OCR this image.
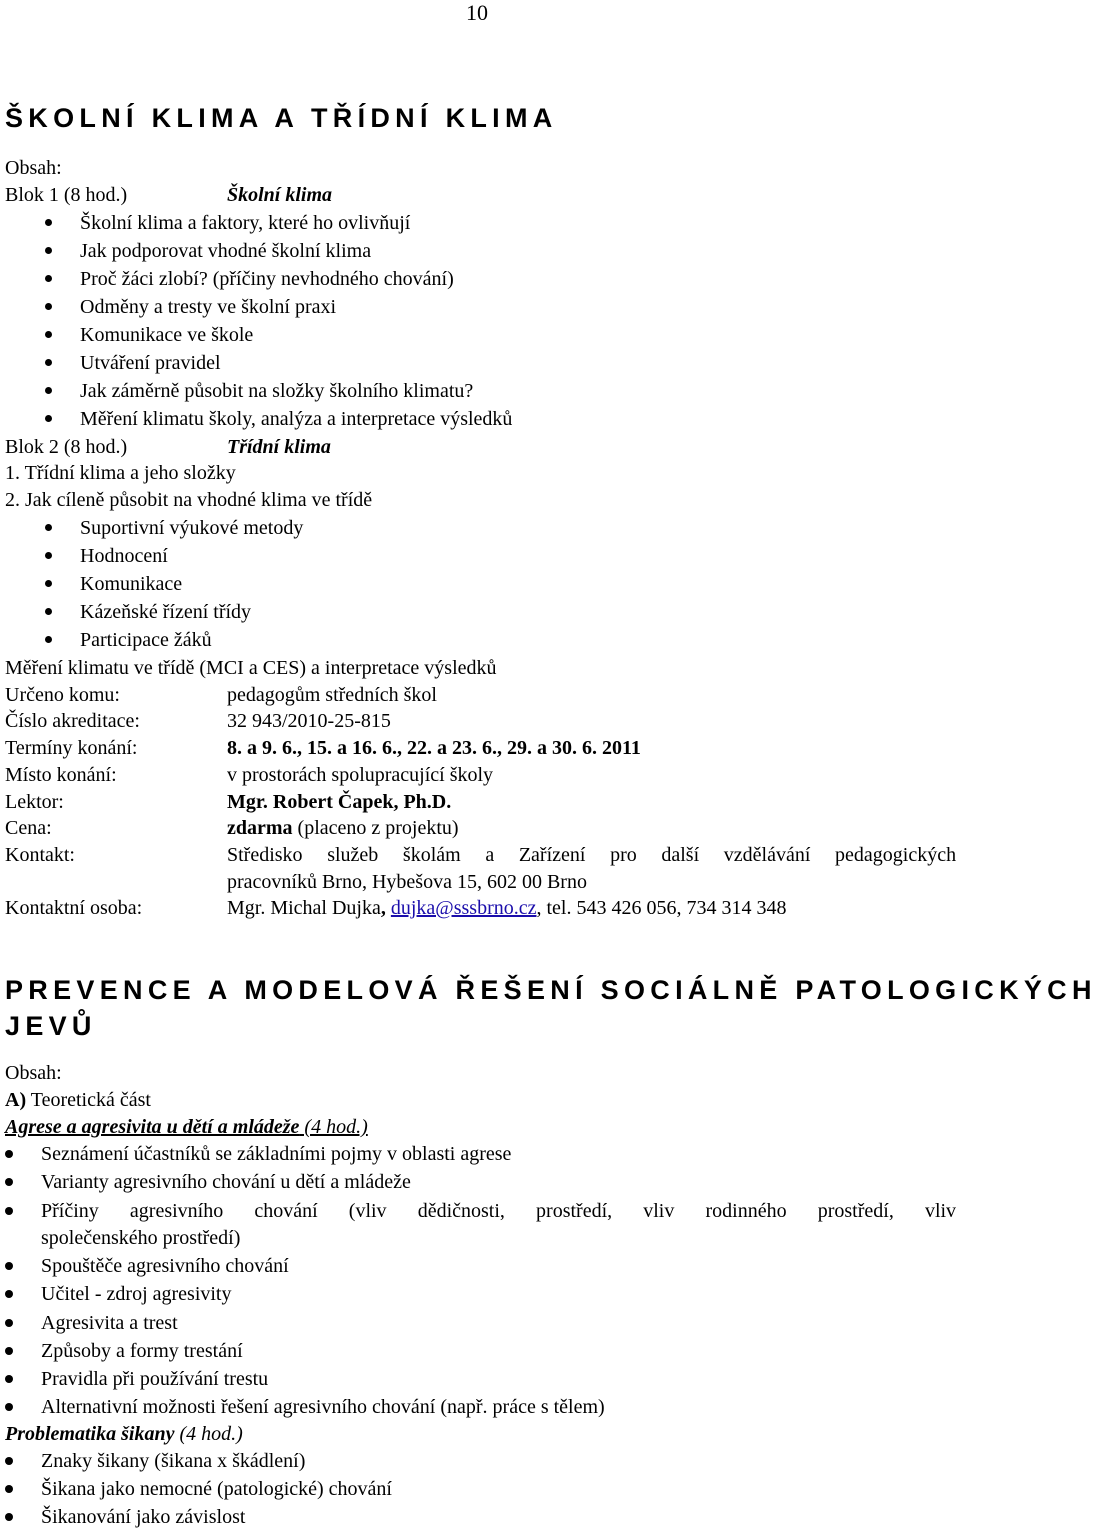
10
ŠKOLNÍ KLIMA A TŘÍDNÍ KLIMA
Obsah:
Blok 1 (8 hod.)	Školní klima
Školní klima a faktory, které ho ovlivňují
Jak podporovat vhodné školní klima
Proč žáci zlobí? (příčiny nevhodného chování)
Odměny a tresty ve školní praxi
Komunikace ve škole
Utváření pravidel
Jak záměrně působit na složky školního klimatu?
Měření klimatu školy, analýza a interpretace výsledků
Blok 2 (8 hod.)	Třídní klima
1. Třídní klima a jeho složky
2. Jak cíleně působit na vhodné klima ve třídě
Suportivní výukové metody
Hodnocení
Komunikace
Kázeňské řízení třídy
Participace žáků
Měření klimatu ve třídě (MCI a CES) a interpretace výsledků
Určeno komu:	pedagogům středních škol
Číslo akreditace:	32 943/2010-25-815
Termíny konání:	8. a 9. 6., 15. a 16. 6., 22. a 23. 6., 29. a 30. 6. 2011
Místo konání:	v prostorách spolupracující školy
Lektor:	Mgr. Robert Čapek, Ph.D.
Cena:	zdarma (placeno z projektu)
Kontakt:	Středisko služeb školám a Zařízení pro další vzdělávání pedagogických
pracovníků Brno, Hybešova 15, 602 00 Brno
Kontaktní osoba:	Mgr. Michal Dujka, dujka@sssbrno.cz, tel. 543 426 056, 734 314 348
PREVENCE A MODELOVÁ ŘEŠENÍ SOCIÁLNĚ PATOLOGICKÝCH
JEVŮ
Obsah:
A) Teoretická část
Agrese a agresivita u dětí a mládeže (4 hod.)
Seznámení účastníků se základními pojmy v oblasti agrese
Varianty agresivního chování u dětí a mládeže
Příčiny agresivního chování (vliv dědičnosti, prostředí, vliv rodinného prostředí, vliv
společenského prostředí)
Spouštěče agresivního chování
Učitel - zdroj agresivity
Agresivita a trest
Způsoby a formy trestání
Pravidla při používání trestu
Alternativní možnosti řešení agresivního chování (např. práce s tělem)
Problematika šikany (4 hod.)
Znaky šikany (šikana x škádlení)
Šikana jako nemocné (patologické) chování
Šikanování jako závislost
